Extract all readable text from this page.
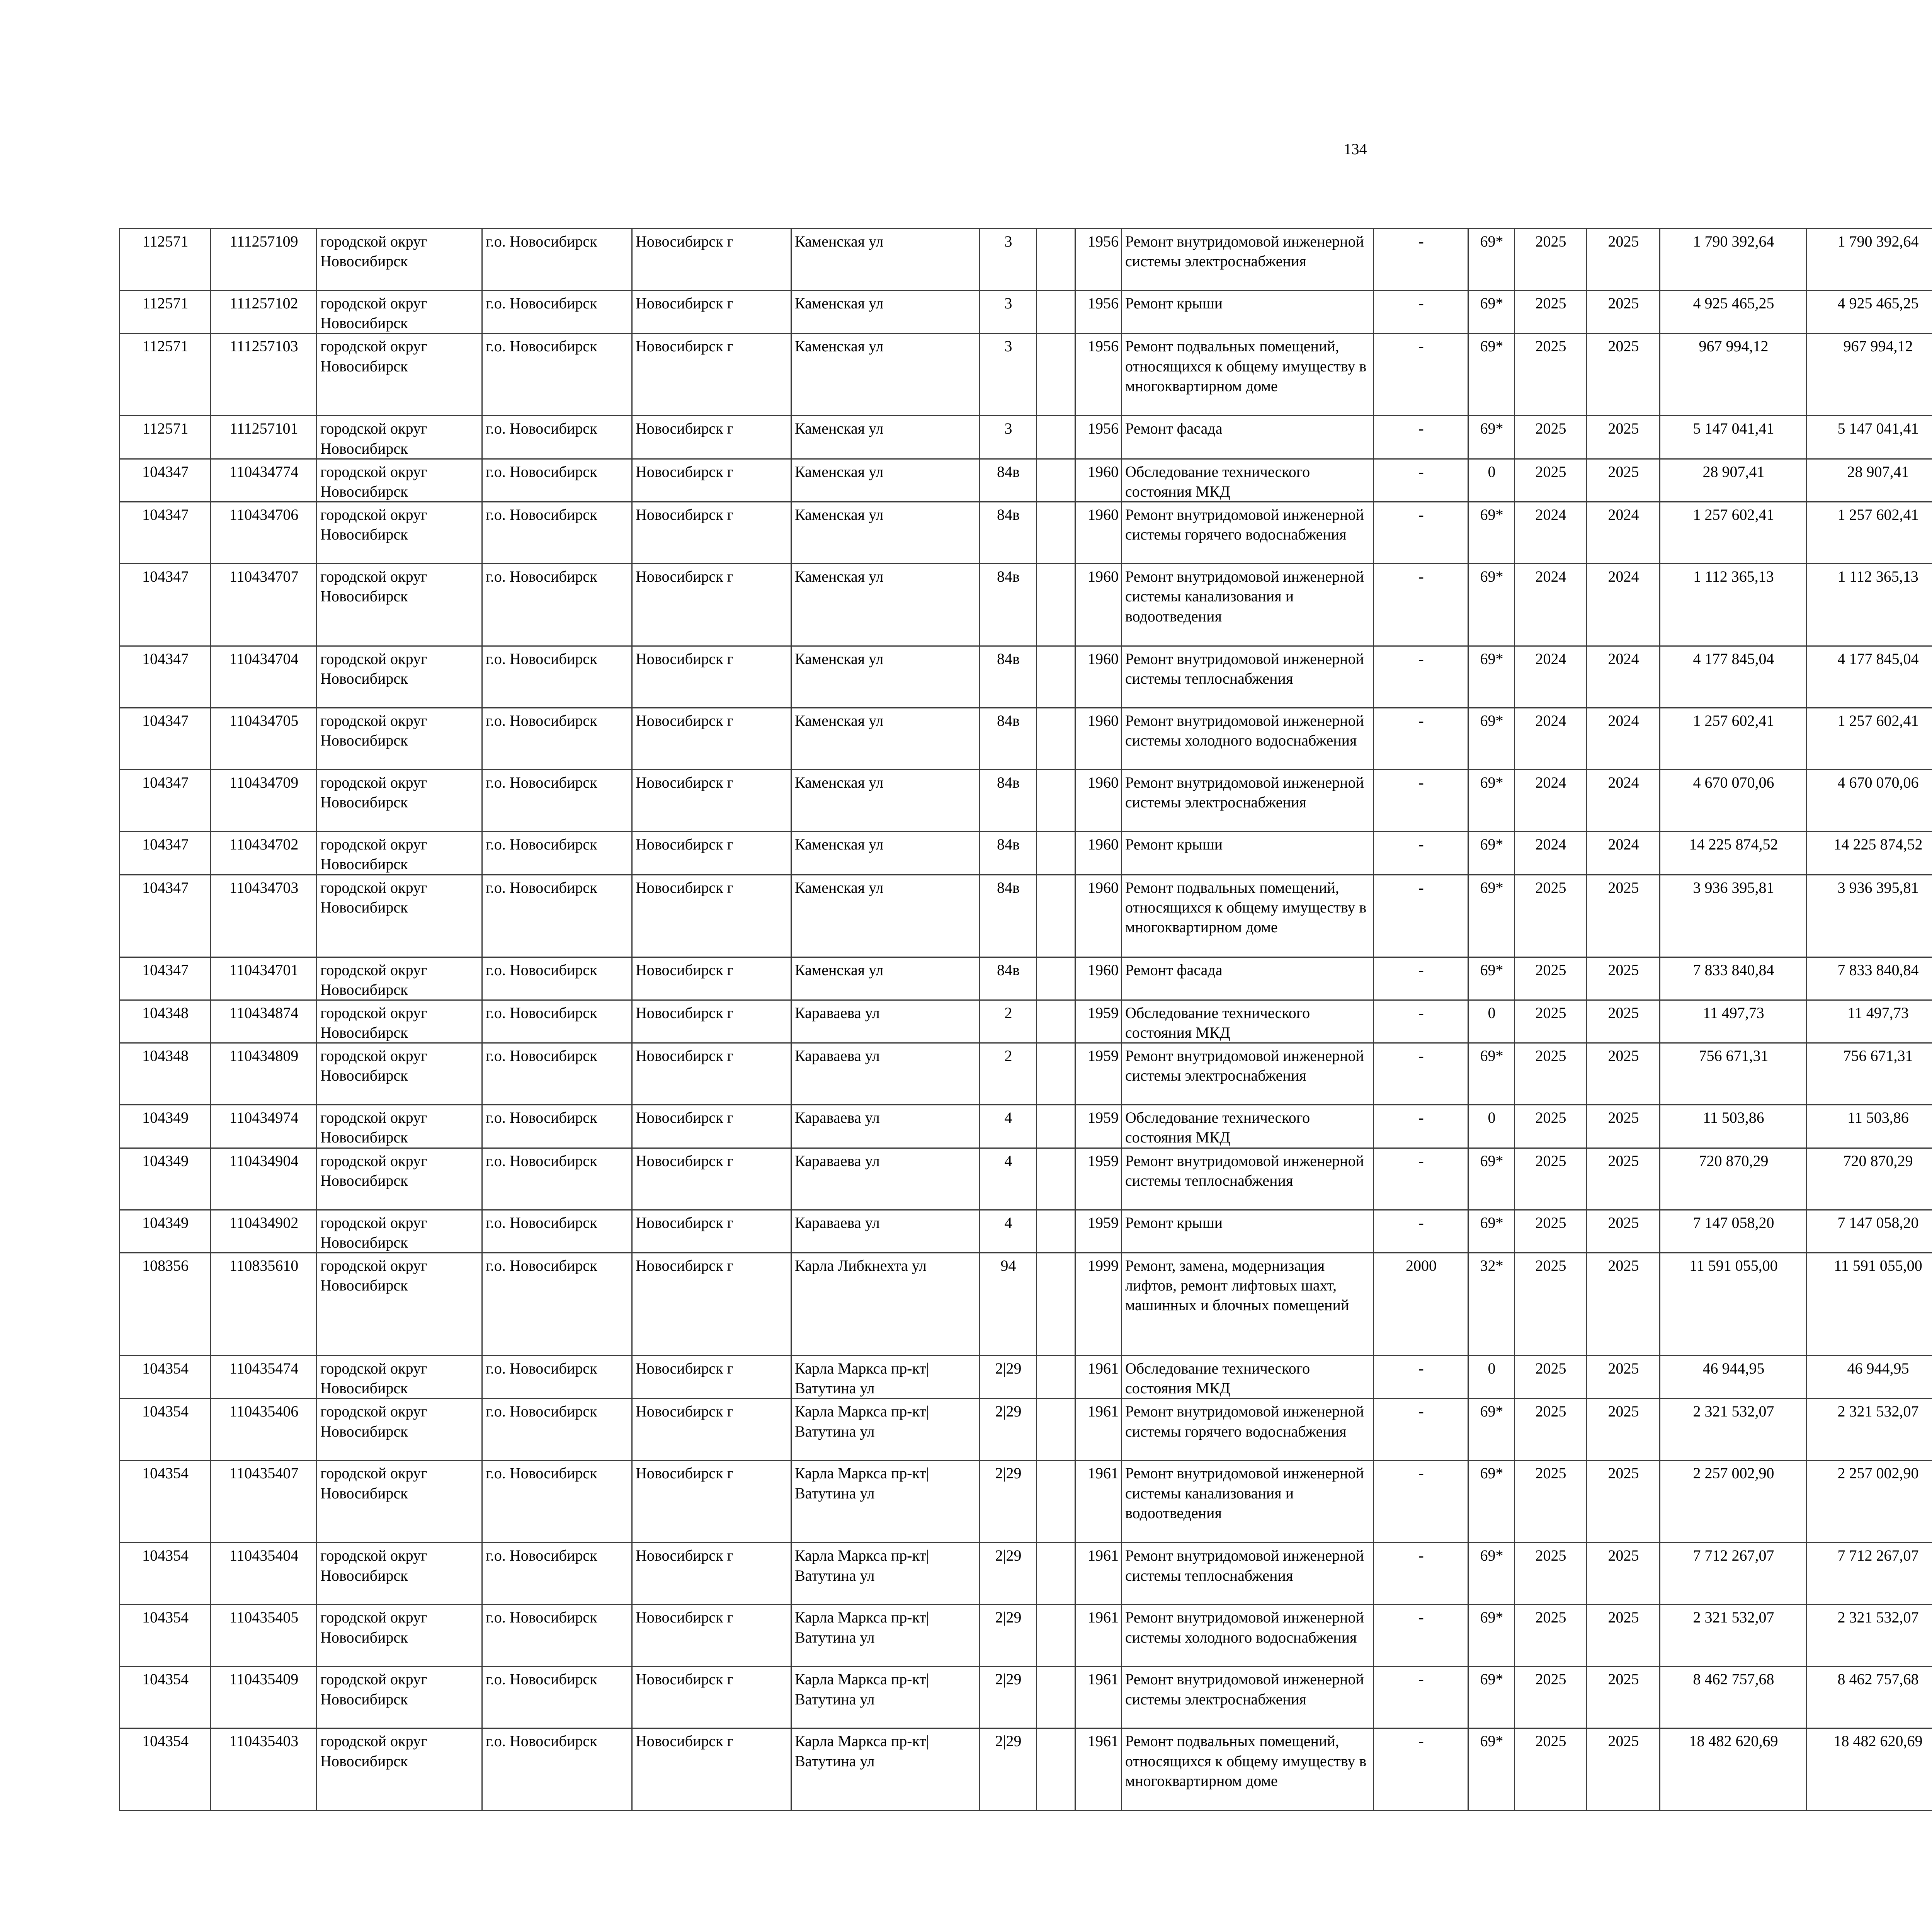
134
112571	111257109	городской округ Новосибирск	г.о. Новосибирск	Новосибирск г	Каменская ул	3		1956	Ремонт внутридомовой инженерной системы электроснабжения	-	69*	2025	2025	1 790 392,64	1 790 392,64						
112571	111257102	городской округ Новосибирск	г.о. Новосибирск	Новосибирск г	Каменская ул	3		1956	Ремонт крыши	-	69*	2025	2025	4 925 465,25	4 925 465,25						
112571	111257103	городской округ Новосибирск	г.о. Новосибирск	Новосибирск г	Каменская ул	3		1956	Ремонт подвальных помещений, относящихся к общему имуществу в многоквартирном доме	-	69*	2025	2025	967 994,12	967 994,12						
112571	111257101	городской округ Новосибирск	г.о. Новосибирск	Новосибирск г	Каменская ул	3		1956	Ремонт фасада	-	69*	2025	2025	5 147 041,41	5 147 041,41						
104347	110434774	городской округ Новосибирск	г.о. Новосибирск	Новосибирск г	Каменская ул	84в		1960	Обследование технического состояния МКД	-	0	2025	2025	28 907,41	28 907,41						
104347	110434706	городской округ Новосибирск	г.о. Новосибирск	Новосибирск г	Каменская ул	84в		1960	Ремонт внутридомовой инженерной системы горячего водоснабжения	-	69*	2024	2024	1 257 602,41	1 257 602,41						
104347	110434707	городской округ Новосибирск	г.о. Новосибирск	Новосибирск г	Каменская ул	84в		1960	Ремонт внутридомовой инженерной системы канализования и водоотведения	-	69*	2024	2024	1 112 365,13	1 112 365,13						
104347	110434704	городской округ Новосибирск	г.о. Новосибирск	Новосибирск г	Каменская ул	84в		1960	Ремонт внутридомовой инженерной системы теплоснабжения	-	69*	2024	2024	4 177 845,04	4 177 845,04						
104347	110434705	городской округ Новосибирск	г.о. Новосибирск	Новосибирск г	Каменская ул	84в		1960	Ремонт внутридомовой инженерной системы холодного водоснабжения	-	69*	2024	2024	1 257 602,41	1 257 602,41						
104347	110434709	городской округ Новосибирск	г.о. Новосибирск	Новосибирск г	Каменская ул	84в		1960	Ремонт внутридомовой инженерной системы электроснабжения	-	69*	2024	2024	4 670 070,06	4 670 070,06						
104347	110434702	городской округ Новосибирск	г.о. Новосибирск	Новосибирск г	Каменская ул	84в		1960	Ремонт крыши	-	69*	2024	2024	14 225 874,52	14 225 874,52						
104347	110434703	городской округ Новосибирск	г.о. Новосибирск	Новосибирск г	Каменская ул	84в		1960	Ремонт подвальных помещений, относящихся к общему имуществу в многоквартирном доме	-	69*	2025	2025	3 936 395,81	3 936 395,81						
104347	110434701	городской округ Новосибирск	г.о. Новосибирск	Новосибирск г	Каменская ул	84в		1960	Ремонт фасада	-	69*	2025	2025	7 833 840,84	7 833 840,84						
104348	110434874	городской округ Новосибирск	г.о. Новосибирск	Новосибирск г	Караваева ул	2		1959	Обследование технического состояния МКД	-	0	2025	2025	11 497,73	11 497,73						
104348	110434809	городской округ Новосибирск	г.о. Новосибирск	Новосибирск г	Караваева ул	2		1959	Ремонт внутридомовой инженерной системы электроснабжения	-	69*	2025	2025	756 671,31	756 671,31						
104349	110434974	городской округ Новосибирск	г.о. Новосибирск	Новосибирск г	Караваева ул	4		1959	Обследование технического состояния МКД	-	0	2025	2025	11 503,86	11 503,86						
104349	110434904	городской округ Новосибирск	г.о. Новосибирск	Новосибирск г	Караваева ул	4		1959	Ремонт внутридомовой инженерной системы теплоснабжения	-	69*	2025	2025	720 870,29	720 870,29						
104349	110434902	городской округ Новосибирск	г.о. Новосибирск	Новосибирск г	Караваева ул	4		1959	Ремонт крыши	-	69*	2025	2025	7 147 058,20	7 147 058,20						
108356	110835610	городской округ Новосибирск	г.о. Новосибирск	Новосибирск г	Карла Либкнехта ул	94		1999	Ремонт, замена, модернизация лифтов, ремонт лифтовых шахт, машинных и блочных помещений	2000	32*	2025	2025	11 591 055,00	11 591 055,00						
104354	110435474	городской округ Новосибирск	г.о. Новосибирск	Новосибирск г	Карла Маркса пр-кт| Ватутина ул	2|29		1961	Обследование технического состояния МКД	-	0	2025	2025	46 944,95	46 944,95						
104354	110435406	городской округ Новосибирск	г.о. Новосибирск	Новосибирск г	Карла Маркса пр-кт| Ватутина ул	2|29		1961	Ремонт внутридомовой инженерной системы горячего водоснабжения	-	69*	2025	2025	2 321 532,07	2 321 532,07						
104354	110435407	городской округ Новосибирск	г.о. Новосибирск	Новосибирск г	Карла Маркса пр-кт| Ватутина ул	2|29		1961	Ремонт внутридомовой инженерной системы канализования и водоотведения	-	69*	2025	2025	2 257 002,90	2 257 002,90						
104354	110435404	городской округ Новосибирск	г.о. Новосибирск	Новосибирск г	Карла Маркса пр-кт| Ватутина ул	2|29		1961	Ремонт внутридомовой инженерной системы теплоснабжения	-	69*	2025	2025	7 712 267,07	7 712 267,07						
104354	110435405	городской округ Новосибирск	г.о. Новосибирск	Новосибирск г	Карла Маркса пр-кт| Ватутина ул	2|29		1961	Ремонт внутридомовой инженерной системы холодного водоснабжения	-	69*	2025	2025	2 321 532,07	2 321 532,07						
104354	110435409	городской округ Новосибирск	г.о. Новосибирск	Новосибирск г	Карла Маркса пр-кт| Ватутина ул	2|29		1961	Ремонт внутридомовой инженерной системы электроснабжения	-	69*	2025	2025	8 462 757,68	8 462 757,68						
104354	110435403	городской округ Новосибирск	г.о. Новосибирск	Новосибирск г	Карла Маркса пр-кт| Ватутина ул	2|29		1961	Ремонт подвальных помещений, относящихся к общему имуществу в многоквартирном доме	-	69*	2025	2025	18 482 620,69	18 482 620,69						
